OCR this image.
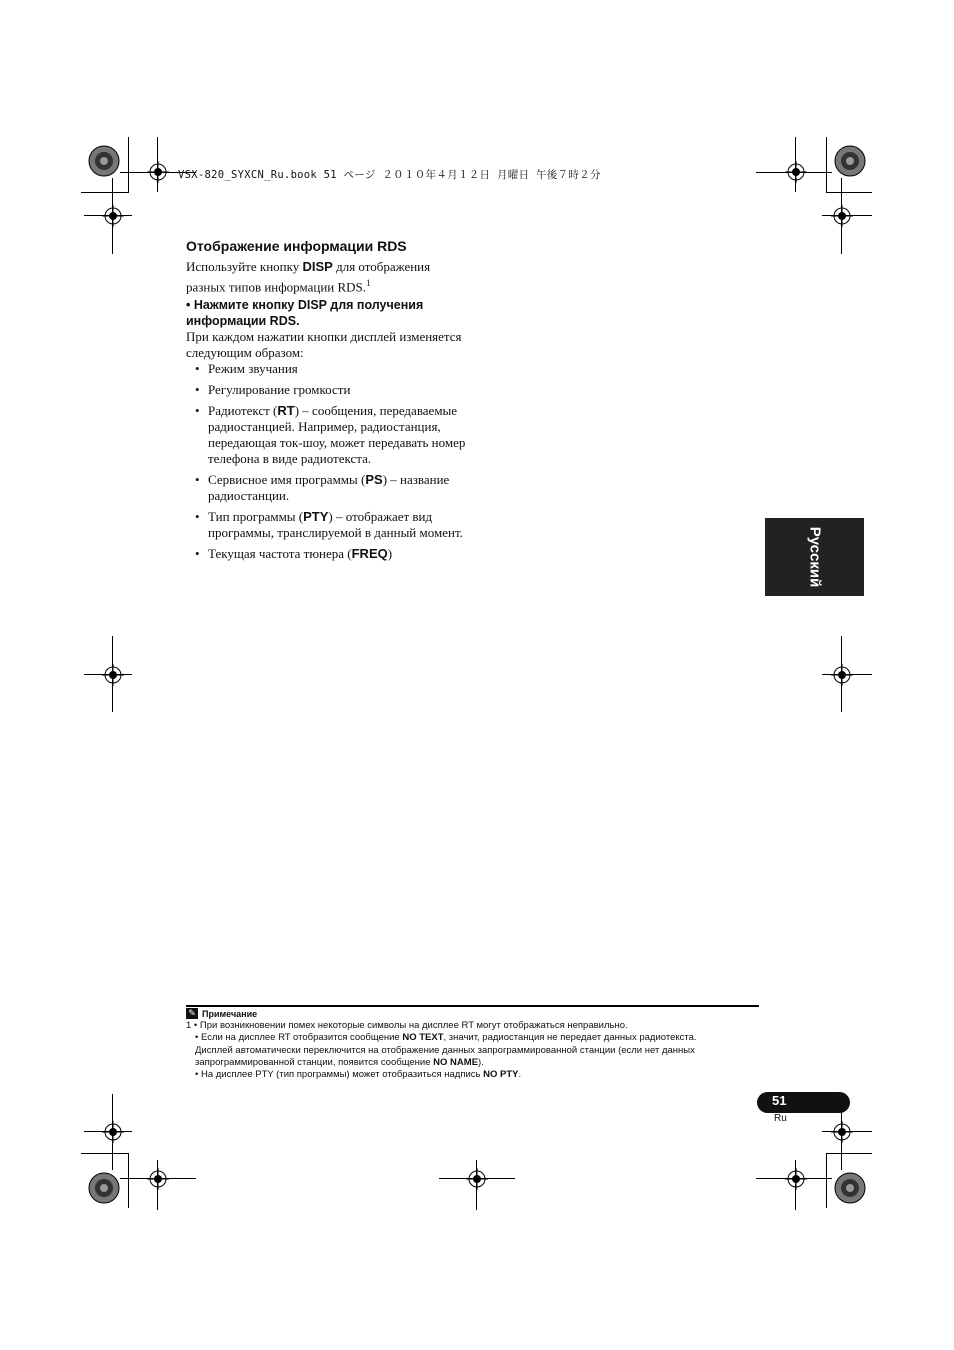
VSX-820_SYXCN_Ru.book 51 ページ ２０１０年４月１２日 月曜日 午後７時２分
Отображение информации RDS
Используйте кнопку DISP для отображения разных типов информации RDS.$^1$
• Нажмите кнопку DISP для получения информации RDS.
При каждом нажатии кнопки дисплей изменяется следующим образом:
• Режим звучания
• Регулирование громкости
• Радиотекст (RT) – сообщения, передаваемые радиостанцией. Например, радиостанция, передающая ток-шоу, может передавать номер телефона в виде радиотекста.
• Сервисное имя программы (PS) – название радиостанции.
• Тип программы (PTY) – отображает вид программы, транслируемой в данный момент.
• Текущая частота тюнера (FREQ)	Русский
✎ Примечание
1 • При возникновении помех некоторые символы на дисплее RT могут отображаться неправильно.
• Если на дисплее RT отобразится сообщение NO TEXT, значит, радиостанция не передает данных радиотекста.
Дисплей автоматически переключится на отображение данных запрограммированной станции (если нет данных
запрограммированной станции, появится сообщение NO NAME).
• На дисплее PTY (тип программы) может отобразиться надпись NO PTY.
51
Ru
